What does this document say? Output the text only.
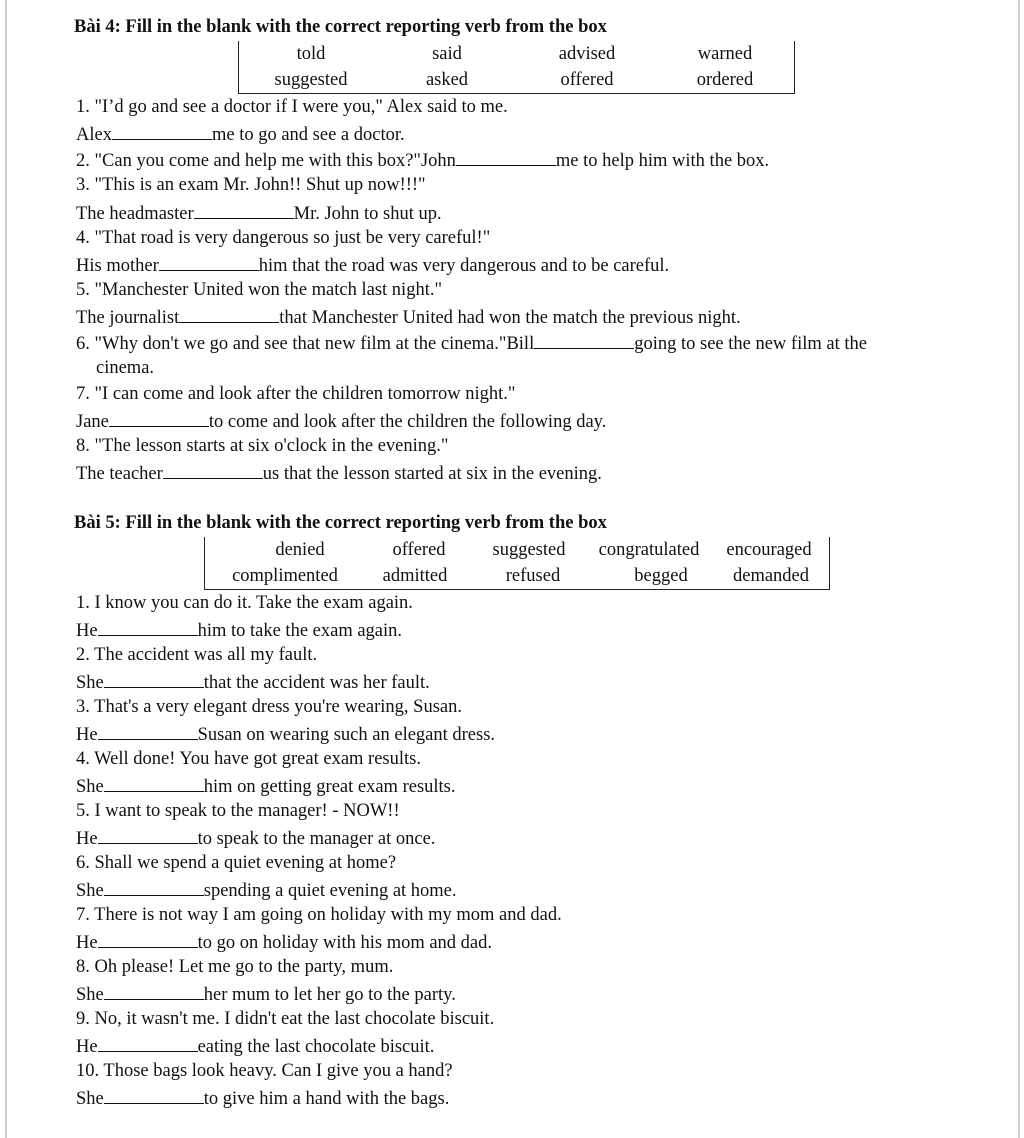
Bài 4: Fill in the blank with the correct reporting verb from the box
told	said	advised	warned
suggested	asked	offered	ordered
1. "I’d go and see a doctor if I were you," Alex said to me.
Alex	me to go and see a doctor.
2. "Can you come and help me with this box?"John	me to help him with the box.
3. "This is an exam Mr. John!! Shut up now!!!"
The headmaster	Mr. John to shut up.
4. "That road is very dangerous so just be very careful!"
His mother	him that the road was very dangerous and to be careful.
5. "Manchester United won the match last night."
The journalist	that Manchester United had won the match the previous night.
6. "Why don't we go and see that new film at the cinema."Bill	going to see the new film at the
cinema.
7. "I can come and look after the children tomorrow night."
Jane	to come and look after the children the following day.
8. "The lesson starts at six o'clock in the evening."
The teacher	us that the lesson started at six in the evening.
Bài 5: Fill in the blank with the correct reporting verb from the box
denied	offered	suggested congratulated encouraged
complimented admitted	refused	begged demanded
1. I know you can do it. Take the exam again.
He	him to take the exam again.
2. The accident was all my fault.
She	that the accident was her fault.
3. That's a very elegant dress you're wearing, Susan.
He	Susan on wearing such an elegant dress.
4. Well done! You have got great exam results.
She	him on getting great exam results.
5. I want to speak to the manager! - NOW!!
He	to speak to the manager at once.
6. Shall we spend a quiet evening at home?
She	spending a quiet evening at home.
7. There is not way I am going on holiday with my mom and dad.
He	to go on holiday with his mom and dad.
8. Oh please! Let me go to the party, mum.
She	her mum to let her go to the party.
9. No, it wasn't me. I didn't eat the last chocolate biscuit.
He	eating the last chocolate biscuit.
10. Those bags look heavy. Can I give you a hand?
She	to give him a hand with the bags.
